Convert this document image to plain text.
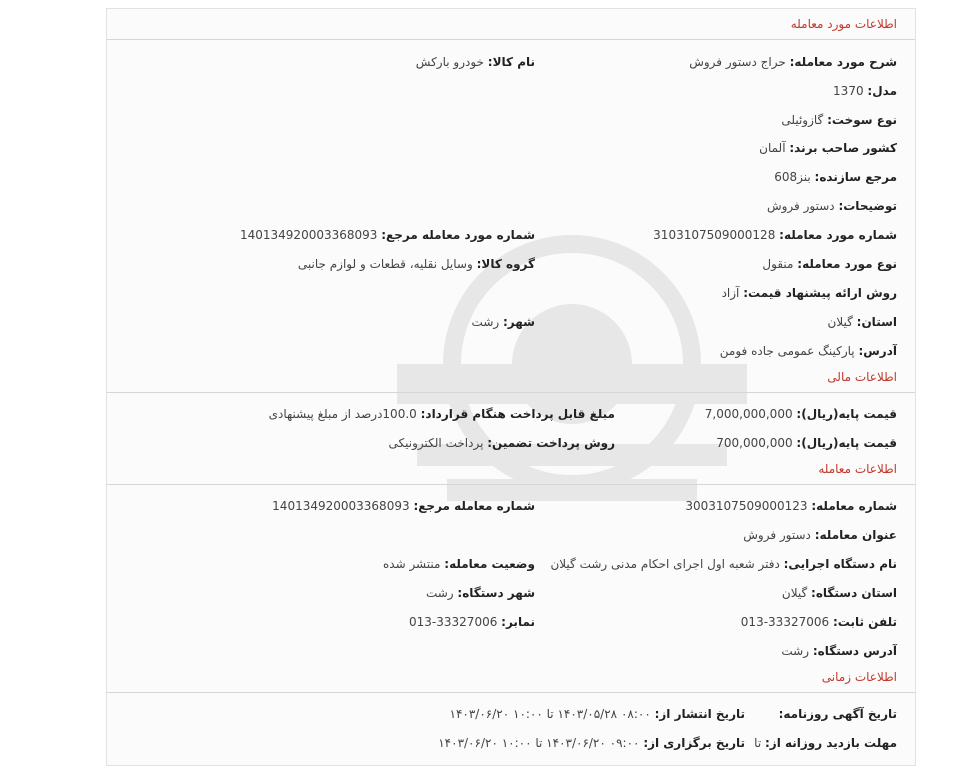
اطلاعات مورد معامله
شرح مورد معامله: حراج دستور فروش
نام کالا: خودرو بارکش
مدل: 1370
نوع سوخت: گازوئیلی
کشور صاحب برند: آلمان
مرجع سازنده: بنز608
توضیحات: دستور فروش
شماره مورد معامله: 3103107509000128
شماره مورد معامله مرجع: 140134920003368093
نوع مورد معامله: منقول
گروه کالا: وسایل نقلیه، قطعات و لوازم جانبی
روش ارائه پیشنهاد قیمت: آزاد
استان: گیلان
شهر: رشت
آدرس: پارکینگ عمومی جاده فومن
اطلاعات مالی
قیمت پایه(ریال): 7,000,000,000
مبلغ قابل پرداخت هنگام قرارداد: 100.0درصد از مبلغ پیشنهادی
قیمت پایه(ریال): 700,000,000
روش پرداخت تضمین: پرداخت الکترونیکی
اطلاعات معامله
شماره معامله: 3003107509000123
شماره معامله مرجع: 140134920003368093
عنوان معامله: دستور فروش
نام دستگاه اجرایی: دفتر شعبه اول اجرای احکام مدنی رشت گیلان
وضعیت معامله: منتشر شده
استان دستگاه: گیلان
شهر دستگاه: رشت
تلفن ثابت: 33327006-013
نمابر: 33327006-013
آدرس دستگاه: رشت
اطلاعات زمانی
تاریخ آگهی روزنامه:
تاریخ انتشار از: ۰۸:۰۰ ۱۴۰۳/۰۵/۲۸ تا ۱۰:۰۰ ۱۴۰۳/۰۶/۲۰
مهلت بازدید روزانه از: تا
تاریخ برگزاری از: ۰۹:۰۰ ۱۴۰۳/۰۶/۲۰ تا ۱۰:۰۰ ۱۴۰۳/۰۶/۲۰
